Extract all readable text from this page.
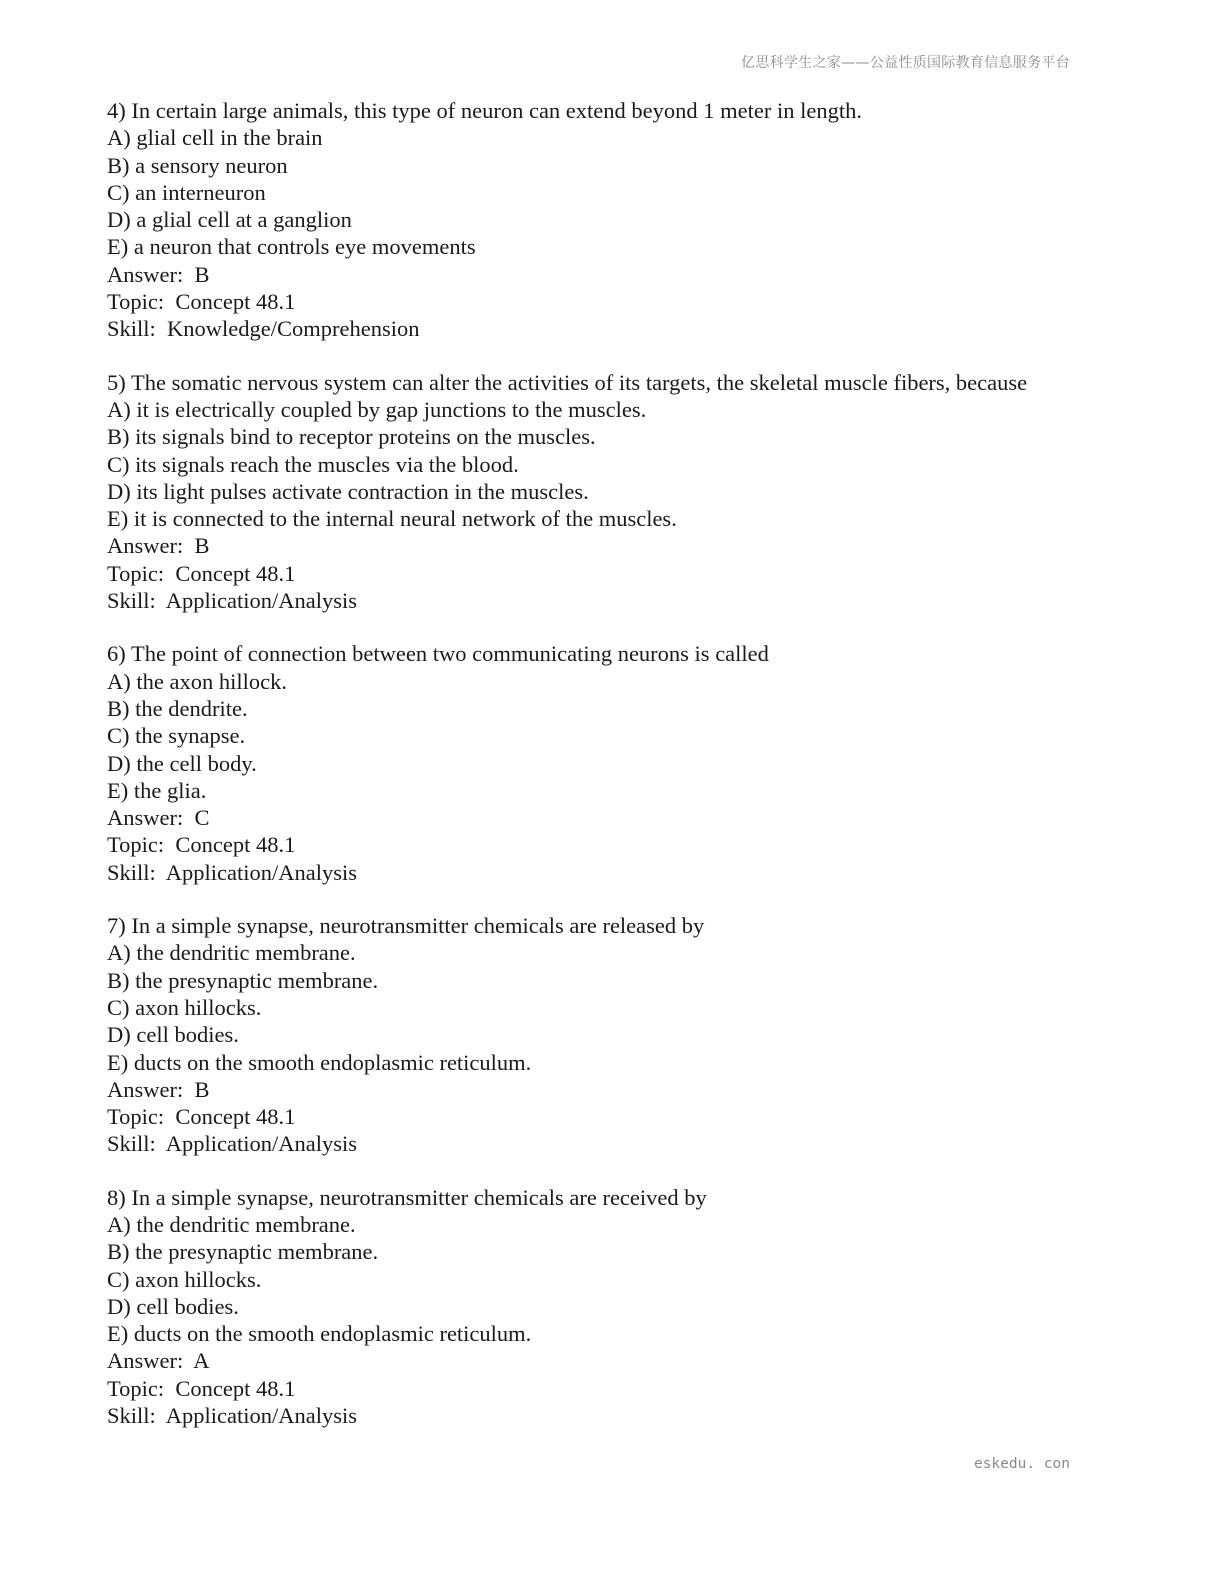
亿思科学生之家——公益性质国际教育信息服务平台
4) In certain large animals, this type of neuron can extend beyond 1 meter in length.
A) glial cell in the brain
B) a sensory neuron
C) an interneuron
D) a glial cell at a ganglion
E) a neuron that controls eye movements
Answer:  B
Topic:  Concept 48.1
Skill:  Knowledge/Comprehension
5) The somatic nervous system can alter the activities of its targets, the skeletal muscle fibers, because
A) it is electrically coupled by gap junctions to the muscles.
B) its signals bind to receptor proteins on the muscles.
C) its signals reach the muscles via the blood.
D) its light pulses activate contraction in the muscles.
E) it is connected to the internal neural network of the muscles.
Answer:  B
Topic:  Concept 48.1
Skill:  Application/Analysis
6) The point of connection between two communicating neurons is called
A) the axon hillock.
B) the dendrite.
C) the synapse.
D) the cell body.
E) the glia.
Answer:  C
Topic:  Concept 48.1
Skill:  Application/Analysis
7) In a simple synapse, neurotransmitter chemicals are released by
A) the dendritic membrane.
B) the presynaptic membrane.
C) axon hillocks.
D) cell bodies.
E) ducts on the smooth endoplasmic reticulum.
Answer:  B
Topic:  Concept 48.1
Skill:  Application/Analysis
8) In a simple synapse, neurotransmitter chemicals are received by
A) the dendritic membrane.
B) the presynaptic membrane.
C) axon hillocks.
D) cell bodies.
E) ducts on the smooth endoplasmic reticulum.
Answer:  A
Topic:  Concept 48.1
Skill:  Application/Analysis
eskedu. con
